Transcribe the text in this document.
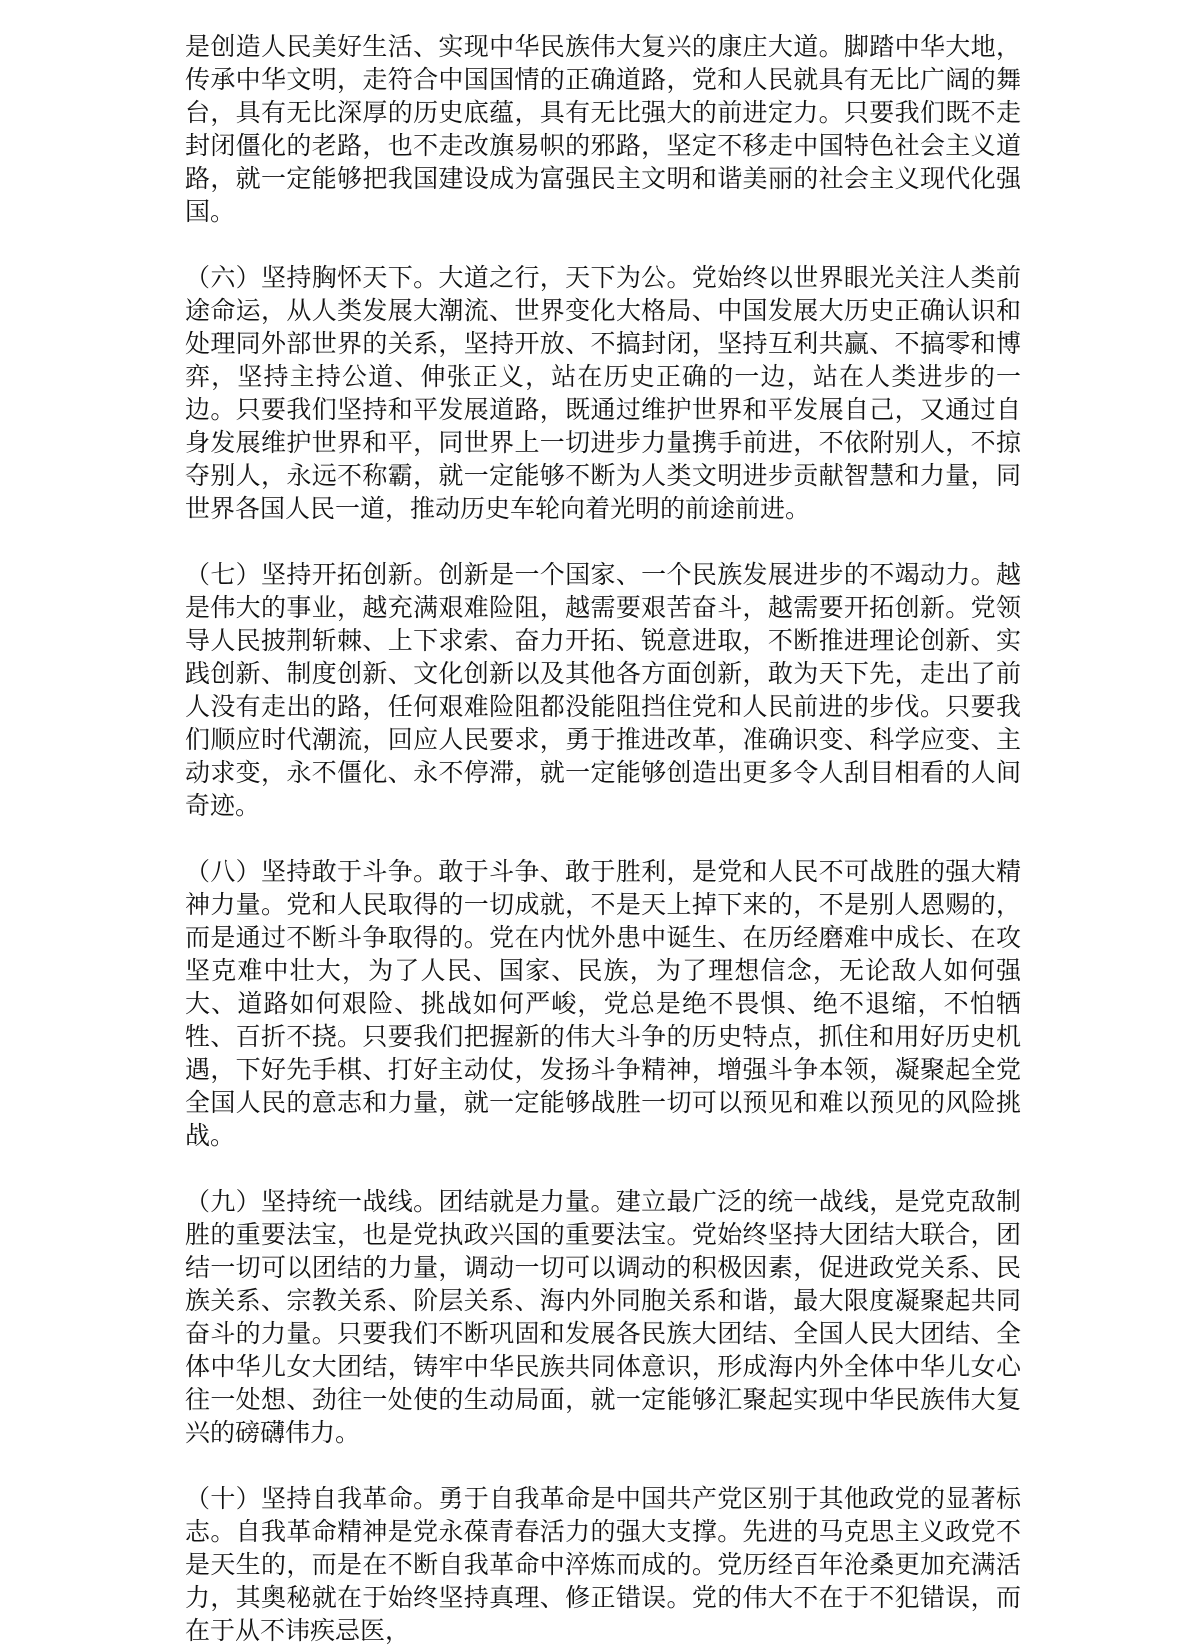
是创造人民美好生活、实现中华民族伟大复兴的康庄大道。脚踏中华大地，传承中华文明，走符合中国国情的正确道路，党和人民就具有无比广阔的舞台，具有无比深厚的历史底蕴，具有无比强大的前进定力。只要我们既不走封闭僵化的老路，也不走改旗易帜的邪路，坚定不移走中国特色社会主义道路，就一定能够把我国建设成为富强民主文明和谐美丽的社会主义现代化强国。

（六）坚持胸怀天下。大道之行，天下为公。党始终以世界眼光关注人类前途命运，从人类发展大潮流、世界变化大格局、中国发展大历史正确认识和处理同外部世界的关系，坚持开放、不搞封闭，坚持互利共赢、不搞零和博弈，坚持主持公道、伸张正义，站在历史正确的一边，站在人类进步的一边。只要我们坚持和平发展道路，既通过维护世界和平发展自己，又通过自身发展维护世界和平，同世界上一切进步力量携手前进，不依附别人，不掠夺别人，永远不称霸，就一定能够不断为人类文明进步贡献智慧和力量，同世界各国人民一道，推动历史车轮向着光明的前途前进。

（七）坚持开拓创新。创新是一个国家、一个民族发展进步的不竭动力。越是伟大的事业，越充满艰难险阻，越需要艰苦奋斗，越需要开拓创新。党领导人民披荆斩棘、上下求索、奋力开拓、锐意进取，不断推进理论创新、实践创新、制度创新、文化创新以及其他各方面创新，敢为天下先，走出了前人没有走出的路，任何艰难险阻都没能阻挡住党和人民前进的步伐。只要我们顺应时代潮流，回应人民要求，勇于推进改革，准确识变、科学应变、主动求变，永不僵化、永不停滞，就一定能够创造出更多令人刮目相看的人间奇迹。

（八）坚持敢于斗争。敢于斗争、敢于胜利，是党和人民不可战胜的强大精神力量。党和人民取得的一切成就，不是天上掉下来的，不是别人恩赐的，而是通过不断斗争取得的。党在内忧外患中诞生、在历经磨难中成长、在攻坚克难中壮大，为了人民、国家、民族，为了理想信念，无论敌人如何强大、道路如何艰险、挑战如何严峻，党总是绝不畏惧、绝不退缩，不怕牺牲、百折不挠。只要我们把握新的伟大斗争的历史特点，抓住和用好历史机遇，下好先手棋、打好主动仗，发扬斗争精神，增强斗争本领，凝聚起全党全国人民的意志和力量，就一定能够战胜一切可以预见和难以预见的风险挑战。

（九）坚持统一战线。团结就是力量。建立最广泛的统一战线，是党克敌制胜的重要法宝，也是党执政兴国的重要法宝。党始终坚持大团结大联合，团结一切可以团结的力量，调动一切可以调动的积极因素，促进政党关系、民族关系、宗教关系、阶层关系、海内外同胞关系和谐，最大限度凝聚起共同奋斗的力量。只要我们不断巩固和发展各民族大团结、全国人民大团结、全体中华儿女大团结，铸牢中华民族共同体意识，形成海内外全体中华儿女心往一处想、劲往一处使的生动局面，就一定能够汇聚起实现中华民族伟大复兴的磅礴伟力。

（十）坚持自我革命。勇于自我革命是中国共产党区别于其他政党的显著标志。自我革命精神是党永葆青春活力的强大支撑。先进的马克思主义政党不是天生的，而是在不断自我革命中淬炼而成的。党历经百年沧桑更加充满活力，其奥秘就在于始终坚持真理、修正错误。党的伟大不在于不犯错误，而在于从不讳疾忌医，
